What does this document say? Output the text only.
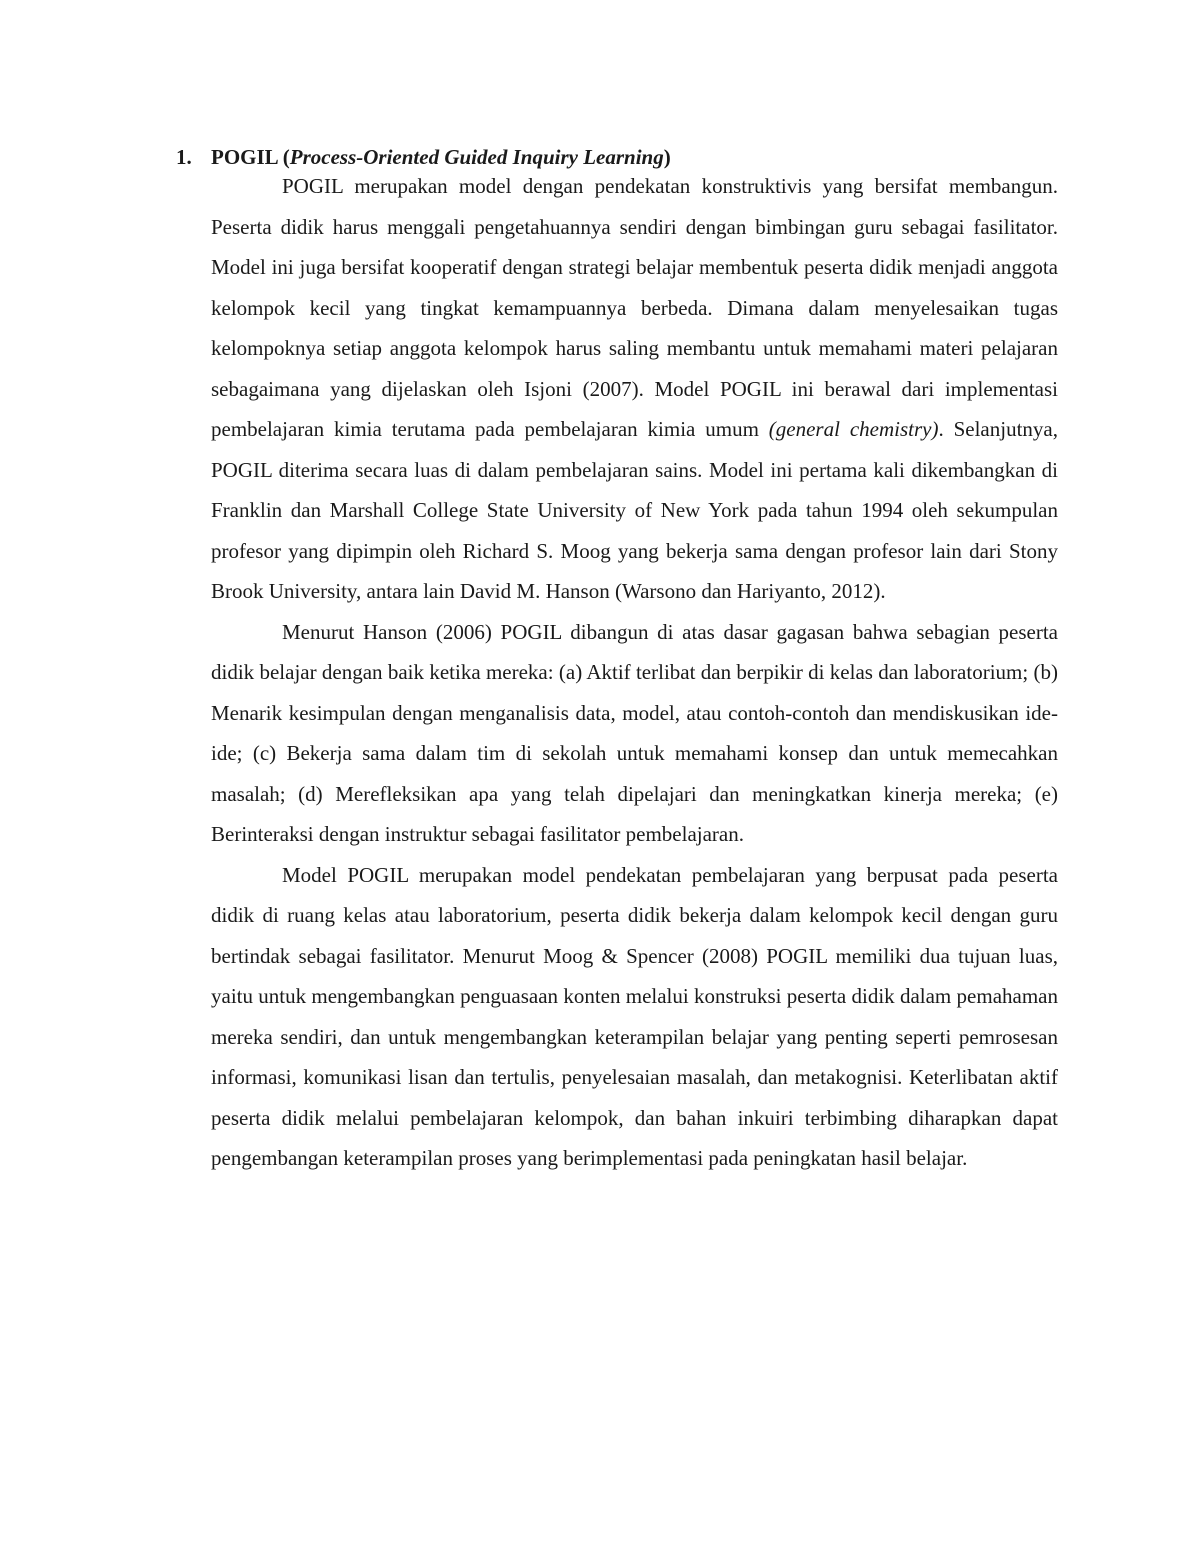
1. POGIL (Process-Oriented Guided Inquiry Learning)

POGIL merupakan model dengan pendekatan konstruktivis yang bersifat membangun. Peserta didik harus menggali pengetahuannya sendiri dengan bimbingan guru sebagai fasilitator. Model ini juga bersifat kooperatif dengan strategi belajar membentuk peserta didik menjadi anggota kelompok kecil yang tingkat kemampuannya berbeda. Dimana dalam menyelesaikan tugas kelompoknya setiap anggota kelompok harus saling membantu untuk memahami materi pelajaran sebagaimana yang dijelaskan oleh Isjoni (2007). Model POGIL ini berawal dari implementasi pembelajaran kimia terutama pada pembelajaran kimia umum (general chemistry). Selanjutnya, POGIL diterima secara luas di dalam pembelajaran sains. Model ini pertama kali dikembangkan di Franklin dan Marshall College State University of New York pada tahun 1994 oleh sekumpulan profesor yang dipimpin oleh Richard S. Moog yang bekerja sama dengan profesor lain dari Stony Brook University, antara lain David M. Hanson (Warsono dan Hariyanto, 2012).

Menurut Hanson (2006) POGIL dibangun di atas dasar gagasan bahwa sebagian peserta didik belajar dengan baik ketika mereka: (a) Aktif terlibat dan berpikir di kelas dan laboratorium; (b) Menarik kesimpulan dengan menganalisis data, model, atau contoh-contoh dan mendiskusikan ide-ide; (c) Bekerja sama dalam tim di sekolah untuk memahami konsep dan untuk memecahkan masalah; (d) Merefleksikan apa yang telah dipelajari dan meningkatkan kinerja mereka; (e) Berinteraksi dengan instruktur sebagai fasilitator pembelajaran.

Model POGIL merupakan model pendekatan pembelajaran yang berpusat pada peserta didik di ruang kelas atau laboratorium, peserta didik bekerja dalam kelompok kecil dengan guru bertindak sebagai fasilitator. Menurut Moog & Spencer (2008) POGIL memiliki dua tujuan luas, yaitu untuk mengembangkan penguasaan konten melalui konstruksi peserta didik dalam pemahaman mereka sendiri, dan untuk mengembangkan keterampilan belajar yang penting seperti pemrosesan informasi, komunikasi lisan dan tertulis, penyelesaian masalah, dan metakognisi. Keterlibatan aktif peserta didik melalui pembelajaran kelompok, dan bahan inkuiri terbimbing diharapkan dapat pengembangan keterampilan proses yang berimplementasi pada peningkatan hasil belajar.
